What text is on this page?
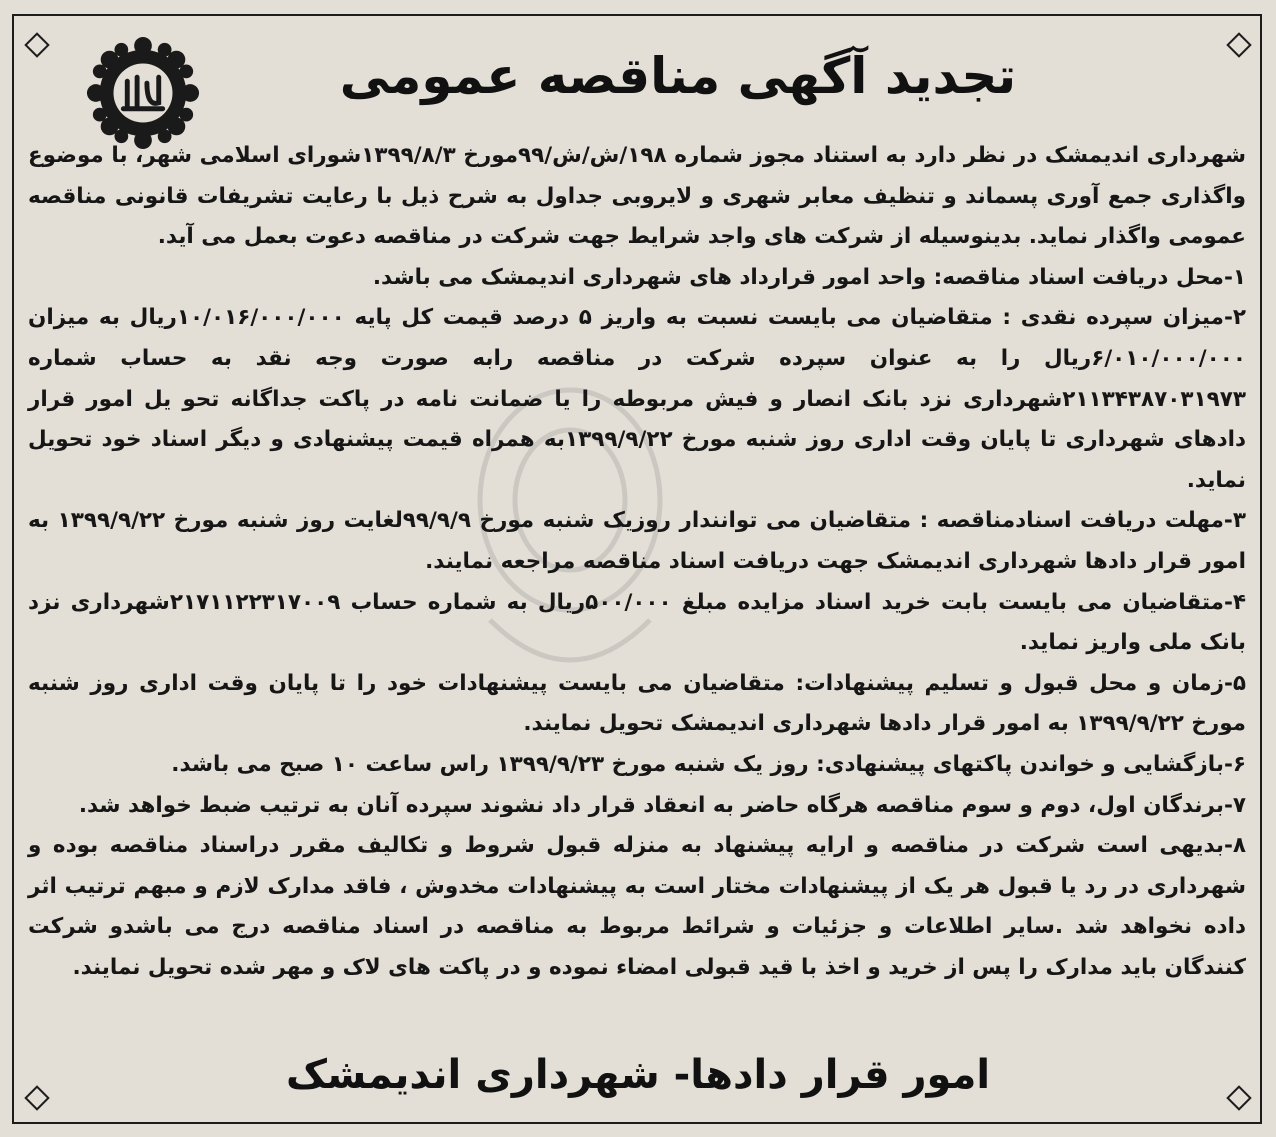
تجدید آگهی مناقصه عمومی

شهرداری اندیمشک در نظر دارد به استناد مجوز شماره ۱۹۸/ش/ش/۹۹مورخ ۱۳۹۹/۸/۳شورای اسلامی شهر، با موضوع واگذاری جمع آوری پسماند و تنظیف معابر شهری و لایروبی جداول به شرح ذیل با رعایت تشریفات قانونی مناقصه عمومی واگذار نماید. بدینوسیله از شرکت های واجد شرایط جهت شرکت در مناقصه دعوت بعمل می آید.

۱-محل دریافت اسناد مناقصه: واحد امور قرارداد های شهرداری اندیمشک می باشد.

۲-میزان سپرده نقدی : متقاضیان می بایست نسبت به واریز ۵ درصد قیمت کل پایه ۱۰/۰۱۶/۰۰۰/۰۰۰ریال به میزان ۶/۰۱۰/۰۰۰/۰۰۰ریال را به عنوان سپرده شرکت در مناقصه رابه صورت وجه نقد به حساب شماره ۲۱۱۳۴۳۸۷۰۳۱۹۷۳شهرداری نزد بانک انصار و فیش مربوطه را یا ضمانت نامه در پاکت جداگانه تحو یل امور قرار دادهای شهرداری تا پایان وقت اداری روز شنبه مورخ ۱۳۹۹/۹/۲۲به همراه قیمت پیشنهادی و دیگر اسناد خود تحویل نماید.

۳-مهلت دریافت اسنادمناقصه : متقاضیان می توانندار روزیک شنبه مورخ ۹۹/۹/۹لغایت روز شنبه مورخ ۱۳۹۹/۹/۲۲ به امور قرار دادها شهرداری اندیمشک جهت دریافت اسناد مناقصه مراجعه نمایند.

۴-متقاضیان می بایست بابت خرید اسناد مزایده مبلغ ۵۰۰/۰۰۰ریال به شماره حساب ۲۱۷۱۱۲۲۳۱۷۰۰۹شهرداری نزد بانک ملی واریز نماید.

۵-زمان و محل قبول و تسلیم پیشنهادات: متقاضیان می بایست پیشنهادات خود را تا پایان وقت اداری روز شنبه مورخ ۱۳۹۹/۹/۲۲ به امور قرار دادها شهرداری اندیمشک تحویل نمایند.

۶-بازگشایی و خواندن پاکتهای پیشنهادی: روز یک شنبه مورخ ۱۳۹۹/۹/۲۳ راس ساعت ۱۰ صبح می باشد.

۷-برندگان اول، دوم و سوم مناقصه هرگاه حاضر به انعقاد قرار داد نشوند سپرده آنان به ترتیب ضبط خواهد شد.

۸-بدیهی است شرکت در مناقصه و ارایه پیشنهاد به منزله قبول شروط و تکالیف مقرر دراسناد مناقصه بوده و شهرداری در رد یا قبول هر یک از پیشنهادات مختار است به پیشنهادات مخدوش ، فاقد مدارک لازم و مبهم ترتیب اثر داده نخواهد شد .سایر اطلاعات و جزئیات و شرائط مربوط به مناقصه در اسناد مناقصه درج می باشدو شرکت کنندگان باید مدارک را پس از خرید و اخذ با قید قبولی امضاء نموده و در پاکت های لاک و مهر شده تحویل نمایند.

امور قرار دادها- شهرداری اندیمشک
